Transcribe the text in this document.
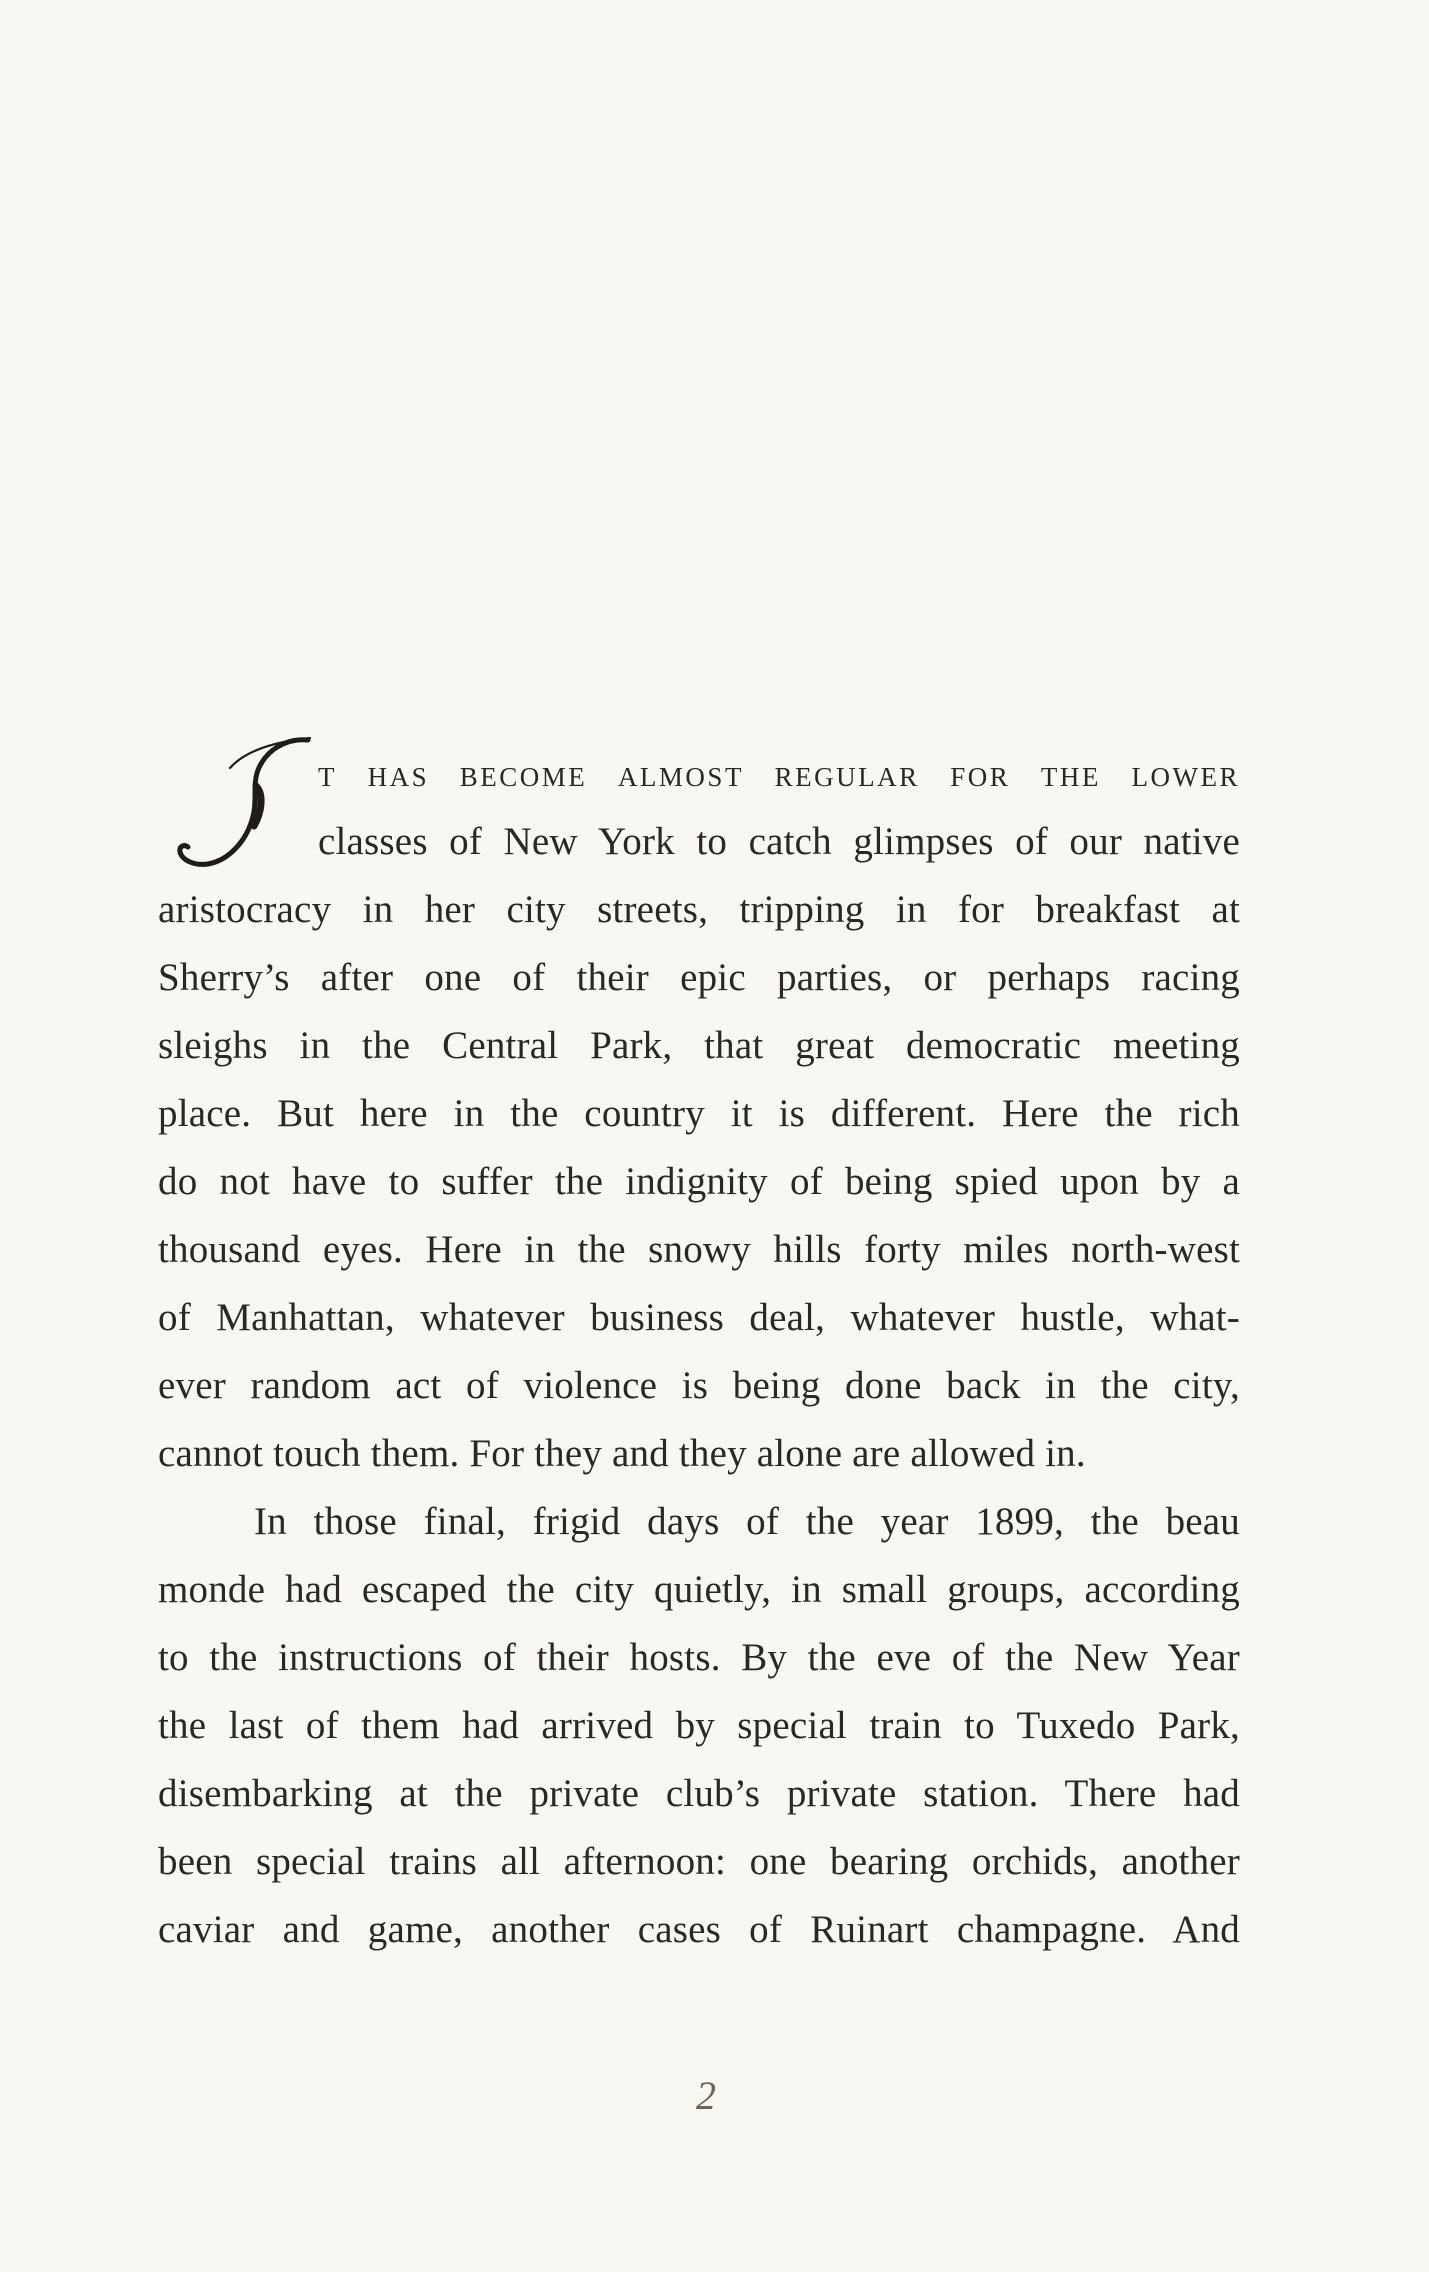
I
t has become almost regular for the lower
classes of New York to catch glimpses of our native
aristocracy in her city streets, tripping in for breakfast at
Sherry’s after one of their epic parties, or perhaps racing
sleighs in the Central Park, that great democratic meeting
place. But here in the country it is different. Here the rich
do not have to suffer the indignity of being spied upon by a
thousand eyes. Here in the snowy hills forty miles north-west
of Manhattan, whatever business deal, whatever hustle, what-
ever random act of violence is being done back in the city,
cannot touch them. For they and they alone are allowed in.
In those final, frigid days of the year 1899, the beau
monde had escaped the city quietly, in small groups, according
to the instructions of their hosts. By the eve of the New Year
the last of them had arrived by special train to Tuxedo Park,
disembarking at the private club’s private station. There had
been special trains all afternoon: one bearing orchids, another
caviar and game, another cases of Ruinart champagne. And
2
